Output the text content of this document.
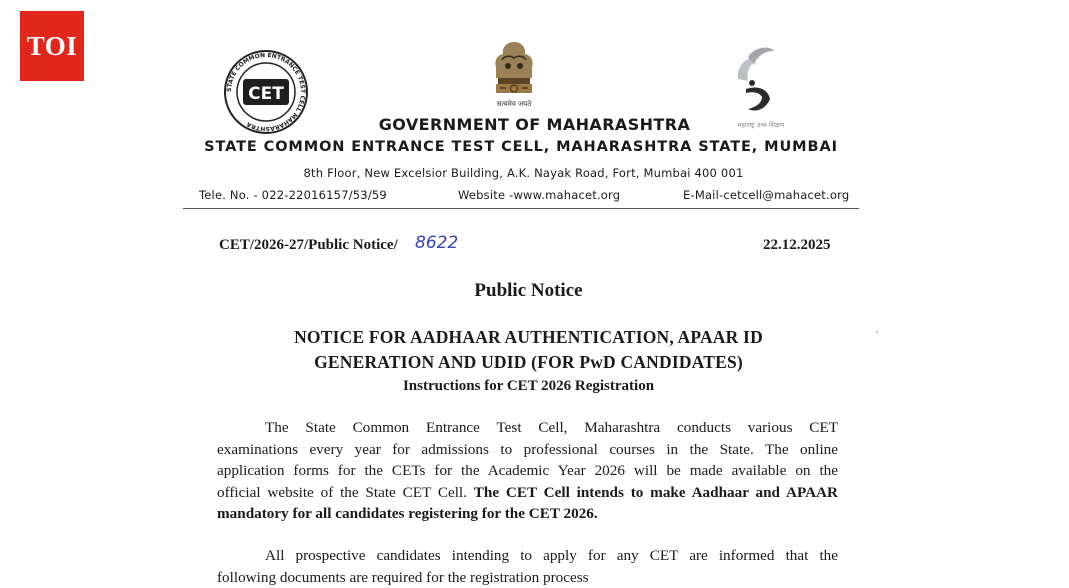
TOI
STATE COMMON ENTRANCE TEST CELL MAHARASHTRA
CET	सत्यमेव जयते
महाराष्ट्र उच्च शिक्षण
GOVERNMENT OF MAHARASHTRA
STATE COMMON ENTRANCE TEST CELL, MAHARASHTRA STATE, MUMBAI
8th Floor, New Excelsior Building, A.K. Nayak Road, Fort, Mumbai 400 001
Tele. No. - 022-22016157/53/59	Website -www.mahacet.org	E-Mail-cetcell@mahacet.org
CET/2026-27/Public Notice/ 8622	22.12.2025
Public Notice
NOTICE FOR AADHAAR AUTHENTICATION, APAAR ID
GENERATION AND UDID (FOR PwD CANDIDATES)
Instructions for CET 2026 Registration
The State Common Entrance Test Cell, Maharashtra conducts various CET
examinations every year for admissions to professional courses in the State. The online
application forms for the CETs for the Academic Year 2026 will be made available on the
official website of the State CET Cell. The CET Cell intends to make Aadhaar and APAAR
mandatory for all candidates registering for the CET 2026.
All prospective candidates intending to apply for any CET are informed that the
following documents are required for the registration process
